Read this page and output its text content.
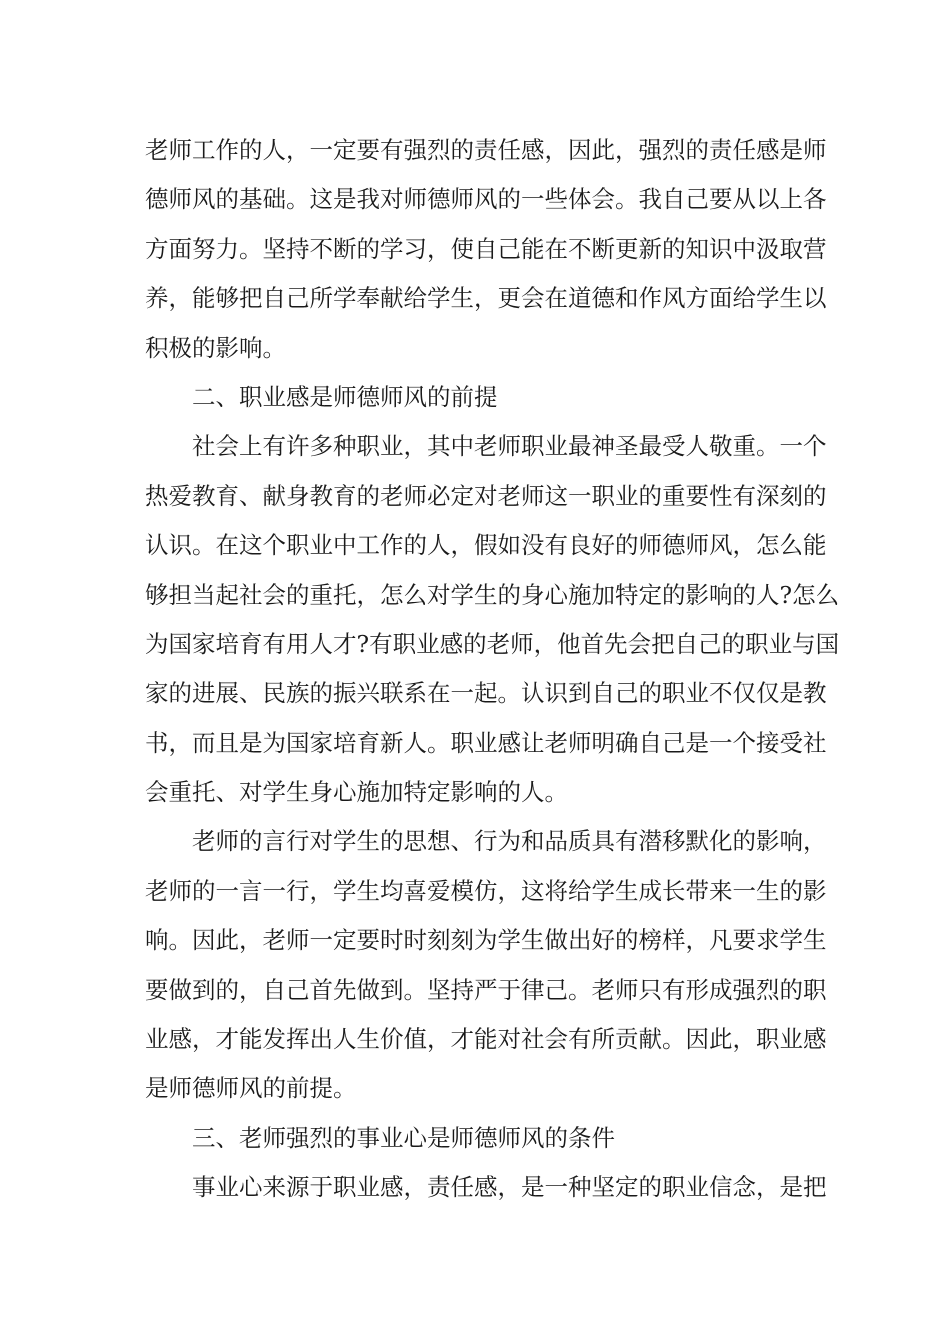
老师工作的人，一定要有强烈的责任感，因此，强烈的责任感是师
德师风的基础。这是我对师德师风的一些体会。我自己要从以上各
方面努力。坚持不断的学习，使自己能在不断更新的知识中汲取营
养，能够把自己所学奉献给学生，更会在道德和作风方面给学生以
积极的影响。
二、职业感是师德师风的前提
社会上有许多种职业，其中老师职业最神圣最受人敬重。一个
热爱教育、献身教育的老师必定对老师这一职业的重要性有深刻的
认识。在这个职业中工作的人，假如没有良好的师德师风，怎么能
够担当起社会的重托，怎么对学生的身心施加特定的影响的人?怎么
为国家培育有用人才?有职业感的老师，他首先会把自己的职业与国
家的进展、民族的振兴联系在一起。认识到自己的职业不仅仅是教
书，而且是为国家培育新人。职业感让老师明确自己是一个接受社
会重托、对学生身心施加特定影响的人。
老师的言行对学生的思想、行为和品质具有潜移默化的影响，
老师的一言一行，学生均喜爱模仿，这将给学生成长带来一生的影
响。因此，老师一定要时时刻刻为学生做出好的榜样，凡要求学生
要做到的，自己首先做到。坚持严于律己。老师只有形成强烈的职
业感，才能发挥出人生价值，才能对社会有所贡献。因此，职业感
是师德师风的前提。
三、老师强烈的事业心是师德师风的条件
事业心来源于职业感，责任感，是一种坚定的职业信念，是把
